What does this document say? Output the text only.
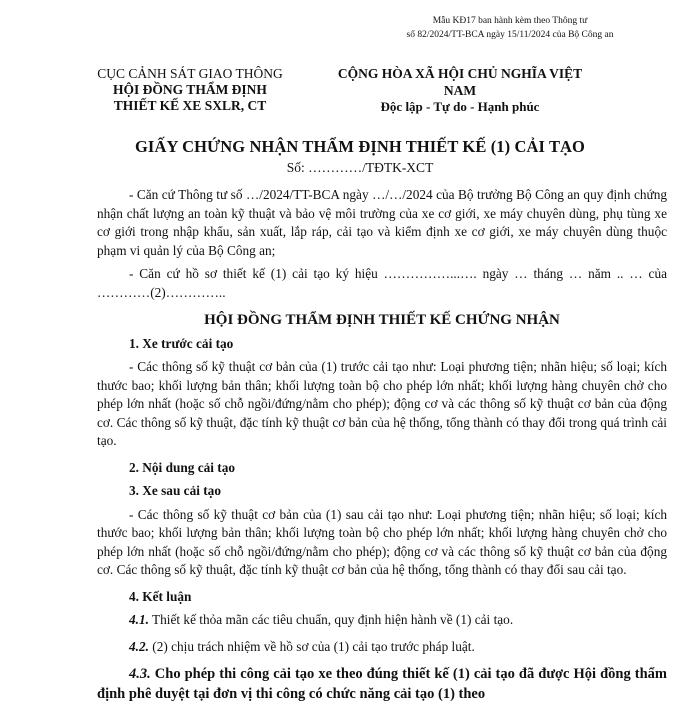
Mẫu KĐ17 ban hành kèm theo Thông tư
số 82/2024/TT-BCA ngày 15/11/2024 của Bộ Công an
CỤC CẢNH SÁT GIAO THÔNG
HỘI ĐỒNG THẨM ĐỊNH
THIẾT KẾ XE SXLR, CT
CỘNG HÒA XÃ HỘI CHỦ NGHĨA VIỆT
NAM
Độc lập - Tự do - Hạnh phúc
GIẤY CHỨNG NHẬN THẨM ĐỊNH THIẾT KẾ (1) CẢI TẠO
Số: …………/TĐTK-XCT

- Căn cứ Thông tư số …/2024/TT-BCA ngày …/…/2024 của Bộ trưởng Bộ Công an quy định chứng nhận chất lượng an toàn kỹ thuật và bảo vệ môi trường của xe cơ giới, xe máy chuyên dùng, phụ tùng xe cơ giới trong nhập khẩu, sản xuất, lắp ráp, cải tạo và kiểm định xe cơ giới, xe máy chuyên dùng thuộc phạm vi quản lý của Bộ Công an;

- Căn cứ hồ sơ thiết kế (1) cải tạo ký hiệu ……………...…. ngày … tháng … năm .. … của …………(2)…………..

HỘI ĐỒNG THẨM ĐỊNH THIẾT KẾ CHỨNG NHẬN

1. Xe trước cải tạo

- Các thông số kỹ thuật cơ bản của (1) trước cải tạo như: Loại phương tiện; nhãn hiệu; số loại; kích thước bao; khối lượng bản thân; khối lượng toàn bộ cho phép lớn nhất; khối lượng hàng chuyên chở cho phép lớn nhất (hoặc số chỗ ngồi/đứng/nằm cho phép); động cơ và các thông số kỹ thuật cơ bản của động cơ. Các thông số kỹ thuật, đặc tính kỹ thuật cơ bản của hệ thống, tổng thành có thay đổi trong quá trình cải tạo.

2. Nội dung cải tạo

3. Xe sau cải tạo

- Các thông số kỹ thuật cơ bản của (1) sau cải tạo như: Loại phương tiện; nhãn hiệu; số loại; kích thước bao; khối lượng bản thân; khối lượng toàn bộ cho phép lớn nhất; khối lượng hàng chuyên chở cho phép lớn nhất (hoặc số chỗ ngồi/đứng/nằm cho phép); động cơ và các thông số kỹ thuật cơ bản của động cơ. Các thông số kỹ thuật, đặc tính kỹ thuật cơ bản của hệ thống, tổng thành có thay đổi sau cải tạo.

4. Kết luận

4.1. Thiết kế thỏa mãn các tiêu chuẩn, quy định hiện hành về (1) cải tạo.

4.2. (2) chịu trách nhiệm về hồ sơ của (1) cải tạo trước pháp luật.

4.3. Cho phép thi công cải tạo xe theo đúng thiết kế (1) cải tạo đã được Hội đồng thẩm định phê duyệt tại đơn vị thi công có chức năng cải tạo (1) theo
